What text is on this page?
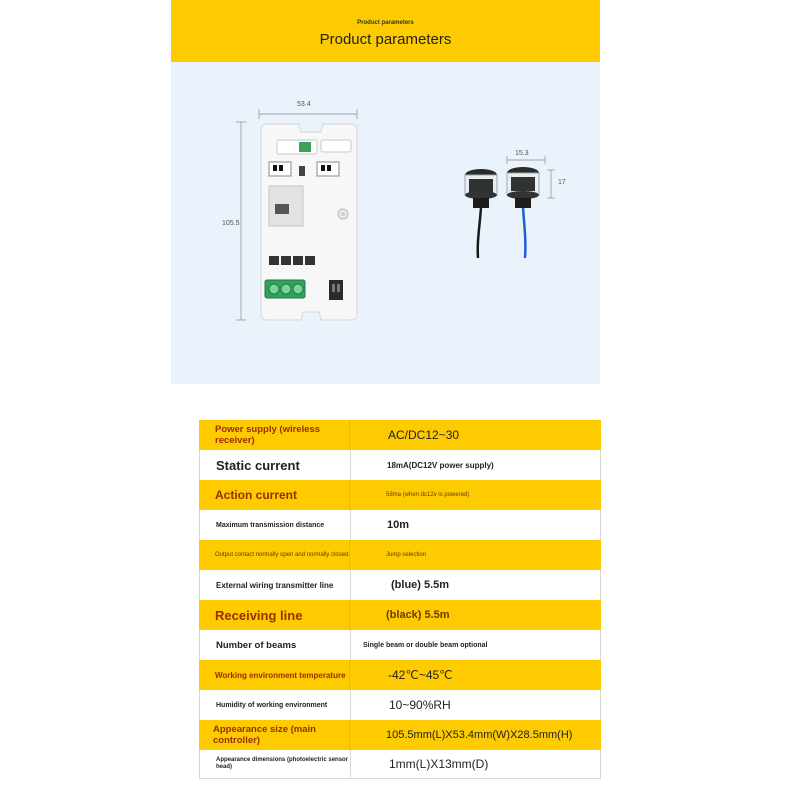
Product parameters
Product parameters
53.4
105.5
15.3
17
Power supply (wireless receiver)	AC/DC12~30
Static current	18mA(DC12V power supply)
Action current	58ma (when dc12v is powered)
Maximum transmission distance	10m
Output contact normally open and normally closed	Jump selection
External wiring transmitter line	(blue) 5.5m
Receiving line	(black) 5.5m
Number of beams	Single beam or double beam optional
Working environment temperature	-42℃~45℃
Humidity of working environment	10~90%RH
Appearance size (main controller)	105.5mm(L)X53.4mm(W)X28.5mm(H)
Appearance dimensions (photoelectric sensor head)	1mm(L)X13mm(D)
